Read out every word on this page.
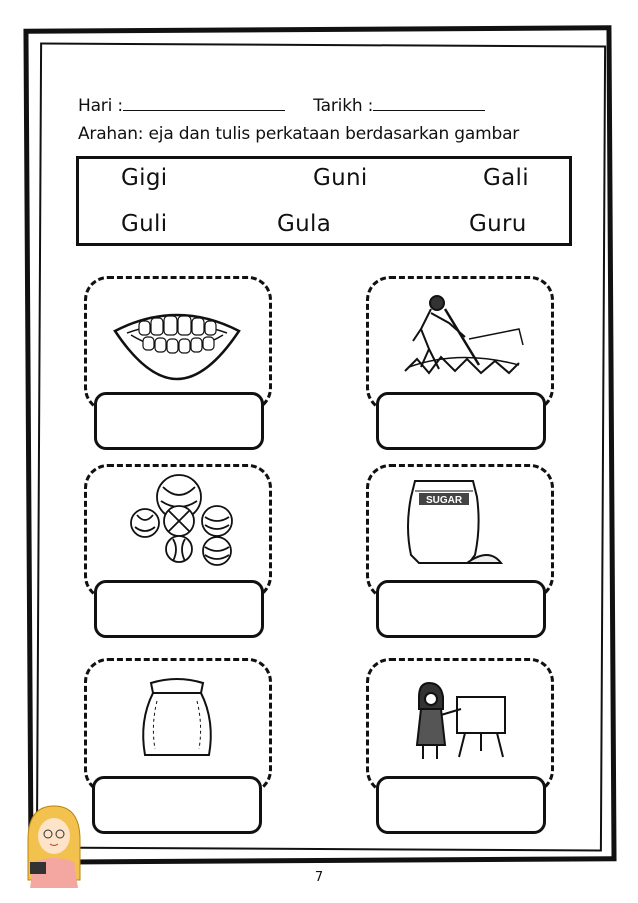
Hari :	Tarikh :
Arahan: eja dan tulis perkataan berdasarkan gambar
Gigi	Guni	Gali
Guli	Gula	Guru
SUGAR
7
